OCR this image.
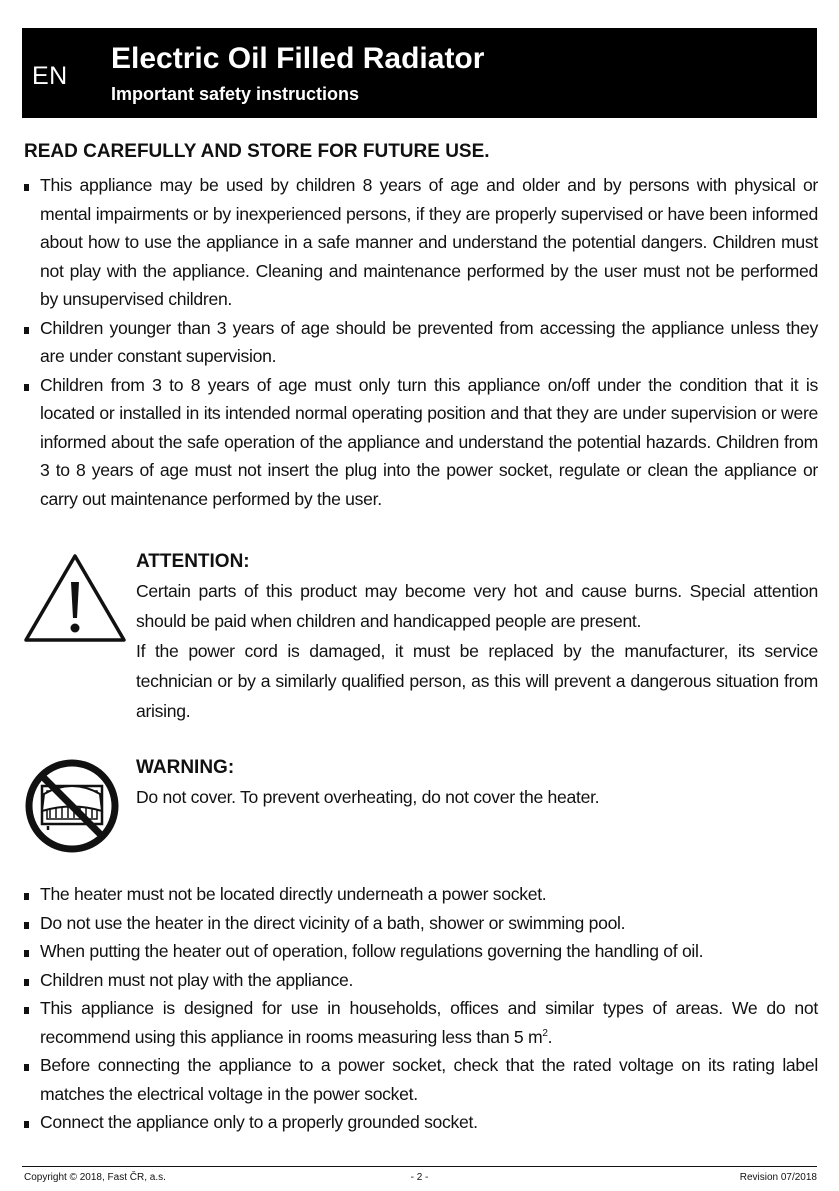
EN
Electric Oil Filled Radiator
Important safety instructions
READ CAREFULLY AND STORE FOR FUTURE USE.
This appliance may be used by children 8 years of age and older and by persons with physical or mental impairments or by inexperienced persons, if they are properly supervised or have been informed about how to use the appliance in a safe manner and understand the potential dangers. Children must not play with the appliance. Cleaning and maintenance performed by the user must not be performed by unsupervised children.
Children younger than 3 years of age should be prevented from accessing the appliance unless they are under constant supervision.
Children from 3 to 8 years of age must only turn this appliance on/off under the condition that it is located or installed in its intended normal operating position and that they are under supervision or were informed about the safe operation of the appliance and understand the potential hazards. Children from 3 to 8 years of age must not insert the plug into the power socket, regulate or clean the appliance or carry out maintenance performed by the user.
ATTENTION:

Certain parts of this product may become very hot and cause burns. Special attention should be paid when children and handicapped people are present.

If the power cord is damaged, it must be replaced by the manufacturer, its service technician or by a similarly qualified person, as this will prevent a dangerous situation from arising.

WARNING:

Do not cover. To prevent overheating, do not cover the heater.

The heater must not be located directly underneath a power socket.
Do not use the heater in the direct vicinity of a bath, shower or swimming pool.
When putting the heater out of operation, follow regulations governing the handling of oil.
Children must not play with the appliance.
This appliance is designed for use in households, offices and similar types of areas. We do not recommend using this appliance in rooms measuring less than 5 $m^2$.
Before connecting the appliance to a power socket, check that the rated voltage on its rating label matches the electrical voltage in the power socket.
Connect the appliance only to a properly grounded socket.
Copyright © 2018, Fast ČR, a.s.	- 2 -	Revision 07/2018
